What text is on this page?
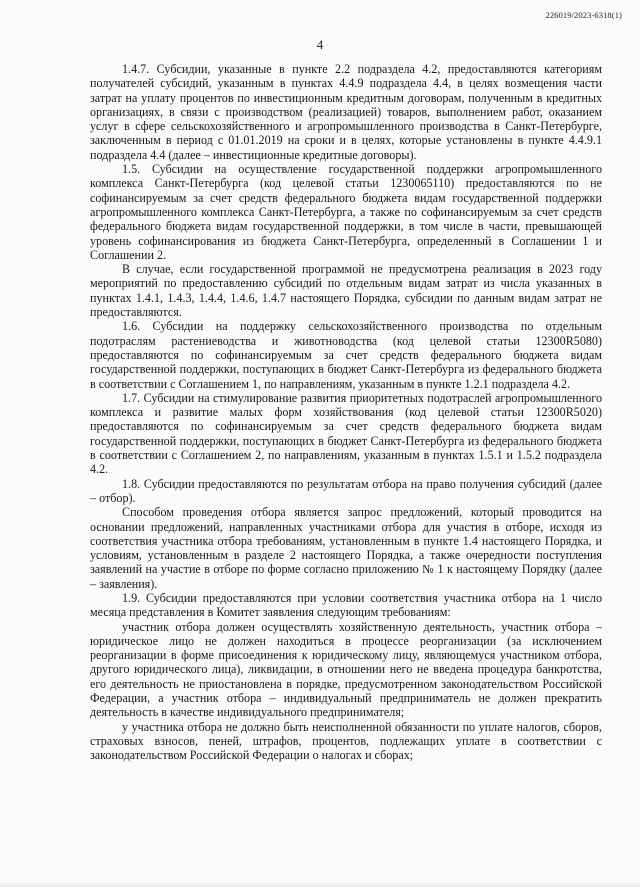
226019/2023-6318(1)
4

1.4.7. Субсидии, указанные в пункте 2.2 подраздела 4.2, предоставляются категориям получателей субсидий, указанным в пунктах 4.4.9 подраздела 4.4, в целях возмещения части затрат на уплату процентов по инвестиционным кредитным договорам, полученным в кредитных организациях, в связи с производством (реализацией) товаров, выполнением работ, оказанием услуг в сфере сельскохозяйственного и агропромышленного производства в Санкт-Петербурге, заключенным в период с 01.01.2019 на сроки и в целях, которые установлены в пункте 4.4.9.1 подраздела 4.4 (далее – инвестиционные кредитные договоры).

1.5. Субсидии на осуществление государственной поддержки агропромышленного комплекса Санкт-Петербурга (код целевой статьи 1230065110) предоставляются по не софинансируемым за счет средств федерального бюджета видам государственной поддержки агропромышленного комплекса Санкт-Петербурга, а также по софинансируемым за счет средств федерального бюджета видам государственной поддержки, в том числе в части, превышающей уровень софинансирования из бюджета Санкт-Петербурга, определенный в Соглашении 1 и Соглашении 2.

В случае, если государственной программой не предусмотрена реализация в 2023 году мероприятий по предоставлению субсидий по отдельным видам затрат из числа указанных в пунктах 1.4.1, 1.4.3, 1.4.4, 1.4.6, 1.4.7 настоящего Порядка, субсидии по данным видам затрат не предоставляются.

1.6. Субсидии на поддержку сельскохозяйственного производства по отдельным подотраслям растениеводства и животноводства (код целевой статьи 12300R5080) предоставляются по софинансируемым за счет средств федерального бюджета видам государственной поддержки, поступающих в бюджет Санкт-Петербурга из федерального бюджета в соответствии с Соглашением 1, по направлениям, указанным в пункте 1.2.1 подраздела 4.2.

1.7. Субсидии на стимулирование развития приоритетных подотраслей агропромышленного комплекса и развитие малых форм хозяйствования (код целевой статьи 12300R5020) предоставляются по софинансируемым за счет средств федерального бюджета видам государственной поддержки, поступающих в бюджет Санкт-Петербурга из федерального бюджета в соответствии с Соглашением 2, по направлениям, указанным в пунктах 1.5.1 и 1.5.2 подраздела 4.2.

1.8. Субсидии предоставляются по результатам отбора на право получения субсидий (далее – отбор).

Способом проведения отбора является запрос предложений, который проводится на основании предложений, направленных участниками отбора для участия в отборе, исходя из соответствия участника отбора требованиям, установленным в пункте 1.4 настоящего Порядка, и условиям, установленным в разделе 2 настоящего Порядка, а также очередности поступления заявлений на участие в отборе по форме согласно приложению № 1 к настоящему Порядку (далее – заявления).

1.9. Субсидии предоставляются при условии соответствия участника отбора на 1 число месяца представления в Комитет заявления следующим требованиям:

участник отбора должен осуществлять хозяйственную деятельность, участник отбора – юридическое лицо не должен находиться в процессе реорганизации (за исключением реорганизации в форме присоединения к юридическому лицу, являющемуся участником отбора, другого юридического лица), ликвидации, в отношении него не введена процедура банкротства, его деятельность не приостановлена в порядке, предусмотренном законодательством Российской Федерации, а участник отбора – индивидуальный предприниматель не должен прекратить деятельность в качестве индивидуального предпринимателя;

у участника отбора не должно быть неисполненной обязанности по уплате налогов, сборов, страховых взносов, пеней, штрафов, процентов, подлежащих уплате в соответствии с законодательством Российской Федерации о налогах и сборах;
